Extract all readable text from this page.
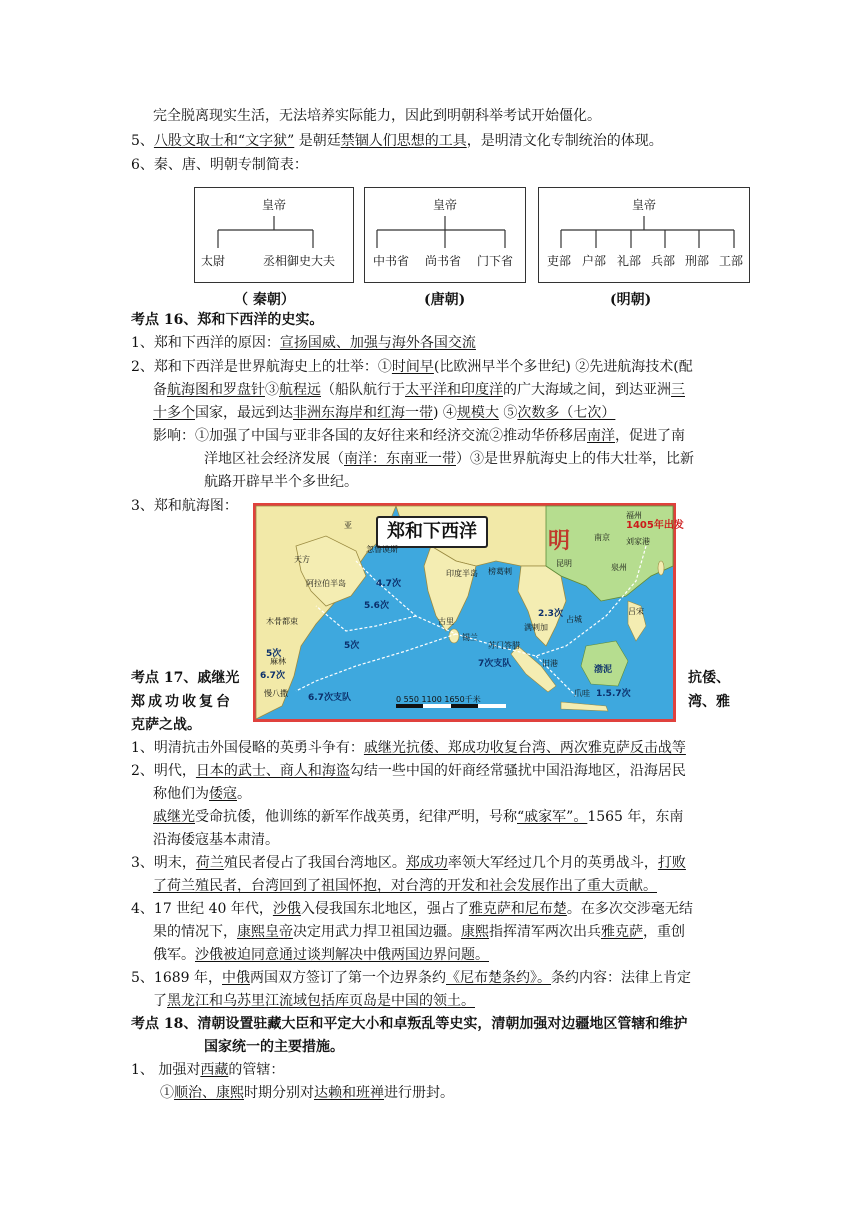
完全脱离现实生活，无法培养实际能力，因此到明朝科举考试开始僵化。
5、八股文取士和“文字狱” 是朝廷禁锢人们思想的工具，是明清文化专制统治的体现。
6、秦、唐、明朝专制简表：
皇帝
太尉	丞相御史大夫
皇帝
中书省 尚书省 门下省
皇帝
吏部 户部 礼部 兵部 刑部 工部
（ 秦朝）	(唐朝)	(明朝)
考点 16、郑和下西洋的史实。
1、郑和下西洋的原因：宣扬国威、加强与海外各国交流
2、郑和下西洋是世界航海史上的壮举：①时间早(比欧洲早半个多世纪) ②先进航海技术(配
备航海图和罗盘针③航程远（船队航行于太平洋和印度洋的广大海域之间，到达亚洲三
十多个国家，最远到达非洲东海岸和红海一带) ④规模大 ⑤次数多（七次）
影响：①加强了中国与亚非各国的友好往来和经济交流②推动华侨移居南洋，促进了南
洋地区社会经济发展（南洋：东南亚一带）③是世界航海史上的伟大壮举，比新
航路开辟早半个多世纪。
3、郑和航海图：
郑和下西洋	明
1405年出发
亚
天方
阿拉伯半岛
忽鲁谟斯
印度半岛 榜葛剌
古里
锡兰
苏门答腊
满剌加
旧港
爪哇
木骨都束
麻林
慢八撒
南京 刘家港
泉州
福州
昆明
吕宋
占城
渤泥
5次
6.7次
4.7次
5.6次
6.7次支队
2.3次
1.5.7次
7次支队
5次
0 550 1100 1650千米
考点 17、戚继光	抗倭、
郑成功收复台	湾、雅
克萨之战。
1、明清抗击外国侵略的英勇斗争有：戚继光抗倭、郑成功收复台湾、两次雅克萨反击战等
2、明代，日本的武士、商人和海盗勾结一些中国的奸商经常骚扰中国沿海地区，沿海居民
称他们为倭寇。
戚继光受命抗倭，他训练的新军作战英勇，纪律严明，号称“戚家军”。1565 年，东南
沿海倭寇基本肃清。
3、明末，荷兰殖民者侵占了我国台湾地区。郑成功率领大军经过几个月的英勇战斗，打败
了荷兰殖民者，台湾回到了祖国怀抱，对台湾的开发和社会发展作出了重大贡献。
4、17 世纪 40 年代，沙俄入侵我国东北地区，强占了雅克萨和尼布楚。在多次交涉毫无结
果的情况下，康熙皇帝决定用武力捍卫祖国边疆。康熙指挥清军两次出兵雅克萨，重创
俄军。沙俄被迫同意通过谈判解决中俄两国边界问题。
5、1689 年，中俄两国双方签订了第一个边界条约《尼布楚条约》。条约内容：法律上肯定
了黑龙江和乌苏里江流域包括库页岛是中国的领土。
考点 18、清朝设置驻藏大臣和平定大小和卓叛乱等史实，清朝加强对边疆地区管辖和维护
国家统一的主要措施。
1、 加强对西藏的管辖：
①顺治、康熙时期分别对达赖和班禅进行册封。
